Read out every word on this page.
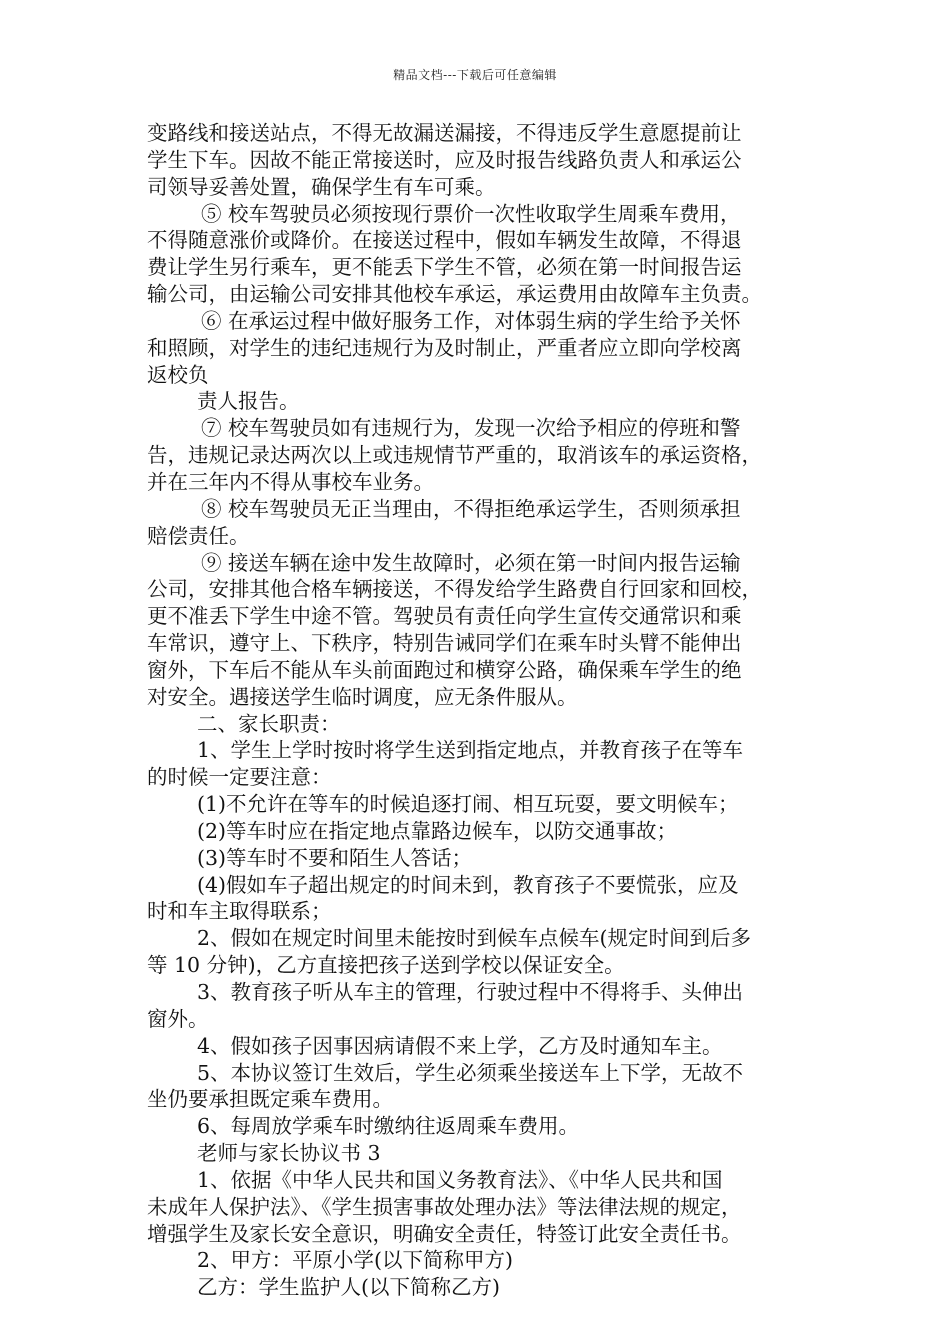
精品文档---下载后可任意编辑
变路线和接送站点，不得无故漏送漏接，不得违反学生意愿提前让
学生下车。因故不能正常接送时，应及时报告线路负责人和承运公
司领导妥善处置，确保学生有车可乘。
⑤ 校车驾驶员必须按现行票价一次性收取学生周乘车费用，
不得随意涨价或降价。在接送过程中，假如车辆发生故障，不得退
费让学生另行乘车，更不能丢下学生不管，必须在第一时间报告运
输公司，由运输公司安排其他校车承运，承运费用由故障车主负责。
⑥ 在承运过程中做好服务工作，对体弱生病的学生给予关怀
和照顾，对学生的违纪违规行为及时制止，严重者应立即向学校离
返校负
责人报告。
⑦ 校车驾驶员如有违规行为，发现一次给予相应的停班和警
告，违规记录达两次以上或违规情节严重的，取消该车的承运资格，
并在三年内不得从事校车业务。
⑧ 校车驾驶员无正当理由，不得拒绝承运学生，否则须承担
赔偿责任。
⑨ 接送车辆在途中发生故障时，必须在第一时间内报告运输
公司，安排其他合格车辆接送，不得发给学生路费自行回家和回校，
更不准丢下学生中途不管。驾驶员有责任向学生宣传交通常识和乘
车常识，遵守上、下秩序，特别告诫同学们在乘车时头臂不能伸出
窗外，下车后不能从车头前面跑过和横穿公路，确保乘车学生的绝
对安全。遇接送学生临时调度，应无条件服从。
二、家长职责：
1、学生上学时按时将学生送到指定地点，并教育孩子在等车
的时候一定要注意：
(1)不允许在等车的时候追逐打闹、相互玩耍，要文明候车；
(2)等车时应在指定地点靠路边候车，以防交通事故；
(3)等车时不要和陌生人答话；
(4)假如车子超出规定的时间未到，教育孩子不要慌张，应及
时和车主取得联系；
2、假如在规定时间里未能按时到候车点候车(规定时间到后多
等 10 分钟)，乙方直接把孩子送到学校以保证安全。
3、教育孩子听从车主的管理，行驶过程中不得将手、头伸出
窗外。
4、假如孩子因事因病请假不来上学，乙方及时通知车主。
5、本协议签订生效后，学生必须乘坐接送车上下学，无故不
坐仍要承担既定乘车费用。
6、每周放学乘车时缴纳往返周乘车费用。
老师与家长协议书 3
1、依据《中华人民共和国义务教育法》、《中华人民共和国
未成年人保护法》、《学生损害事故处理办法》等法律法规的规定，
增强学生及家长安全意识，明确安全责任，特签订此安全责任书。
2、甲方：平原小学(以下简称甲方)
乙方：学生监护人(以下简称乙方)
